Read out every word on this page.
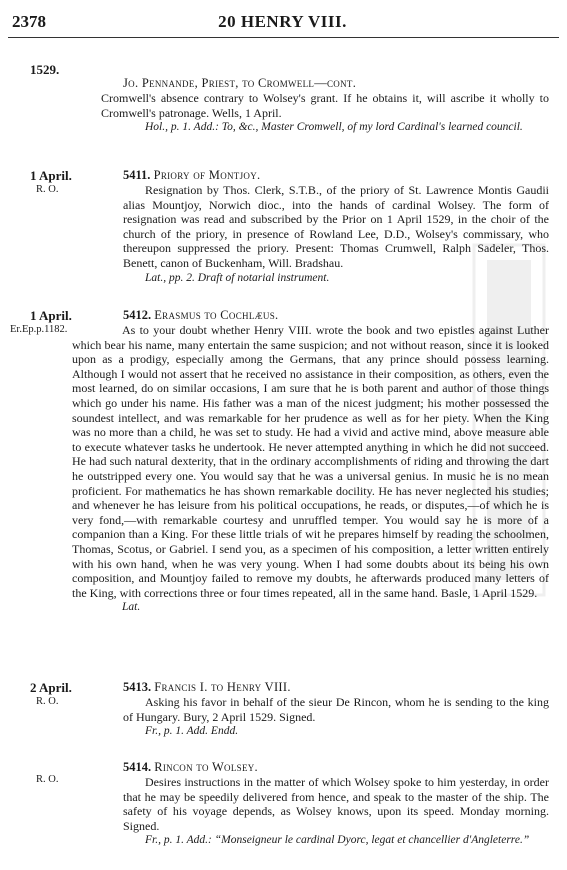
2378	20 HENRY VIII.
1529.
Jo. Pennande, Priest, to Cromwell—cont.

Cromwell's absence contrary to Wolsey's grant. If he obtains it, will ascribe it wholly to Cromwell's patronage. Wells, 1 April.

Hol., p. 1. Add.: To, &c., Master Cromwell, of my lord Cardinal's learned council.

1 April.
R. O.
5411. Priory of Montjoy.

Resignation by Thos. Clerk, S.T.B., of the priory of St. Lawrence Montis Gaudii alias Mountjoy, Norwich dioc., into the hands of cardinal Wolsey. The form of resignation was read and subscribed by the Prior on 1 April 1529, in the choir of the church of the priory, in presence of Rowland Lee, D.D., Wolsey's commissary, who thereupon suppressed the priory. Present: Thomas Crumwell, Ralph Sadeler, Thos. Benett, canon of Buckenham, Will. Bradshau.

Lat., pp. 2. Draft of notarial instrument.

1 April.
Er.Ep.p.1182.
5412. Erasmus to Cochlæus.

As to your doubt whether Henry VIII. wrote the book and two epistles against Luther which bear his name, many entertain the same suspicion; and not without reason, since it is looked upon as a prodigy, especially among the Germans, that any prince should possess learning. Although I would not assert that he received no assistance in their composition, as others, even the most learned, do on similar occasions, I am sure that he is both parent and author of those things which go under his name. His father was a man of the nicest judgment; his mother possessed the soundest intellect, and was remarkable for her prudence as well as for her piety. When the King was no more than a child, he was set to study. He had a vivid and active mind, above measure able to execute whatever tasks he undertook. He never attempted anything in which he did not succeed. He had such natural dexterity, that in the ordinary accomplishments of riding and throwing the dart he outstripped every one. You would say that he was a universal genius. In music he is no mean proficient. For mathematics he has shown remarkable docility. He has never neglected his studies; and whenever he has leisure from his political occupations, he reads, or disputes,—of which he is very fond,—with remarkable courtesy and unruffled temper. You would say he is more of a companion than a King. For these little trials of wit he prepares himself by reading the schoolmen, Thomas, Scotus, or Gabriel. I send you, as a specimen of his composition, a letter written entirely with his own hand, when he was very young. When I had some doubts about its being his own composition, and Mountjoy failed to remove my doubts, he afterwards produced many letters of the King, with corrections three or four times repeated, all in the same hand. Basle, 1 April 1529.

Lat.

2 April.
R. O.
5413. Francis I. to Henry VIII.

Asking his favor in behalf of the sieur De Rincon, whom he is sending to the king of Hungary. Bury, 2 April 1529. Signed.

Fr., p. 1. Add. Endd.

R. O.
5414. Rincon to Wolsey.

Desires instructions in the matter of which Wolsey spoke to him yesterday, in order that he may be speedily delivered from hence, and speak to the master of the ship. The safety of his voyage depends, as Wolsey knows, upon its speed. Monday morning. Signed.

Fr., p. 1. Add.: “Monseigneur le cardinal Dyorc, legat et chancellier d'Angleterre.”
